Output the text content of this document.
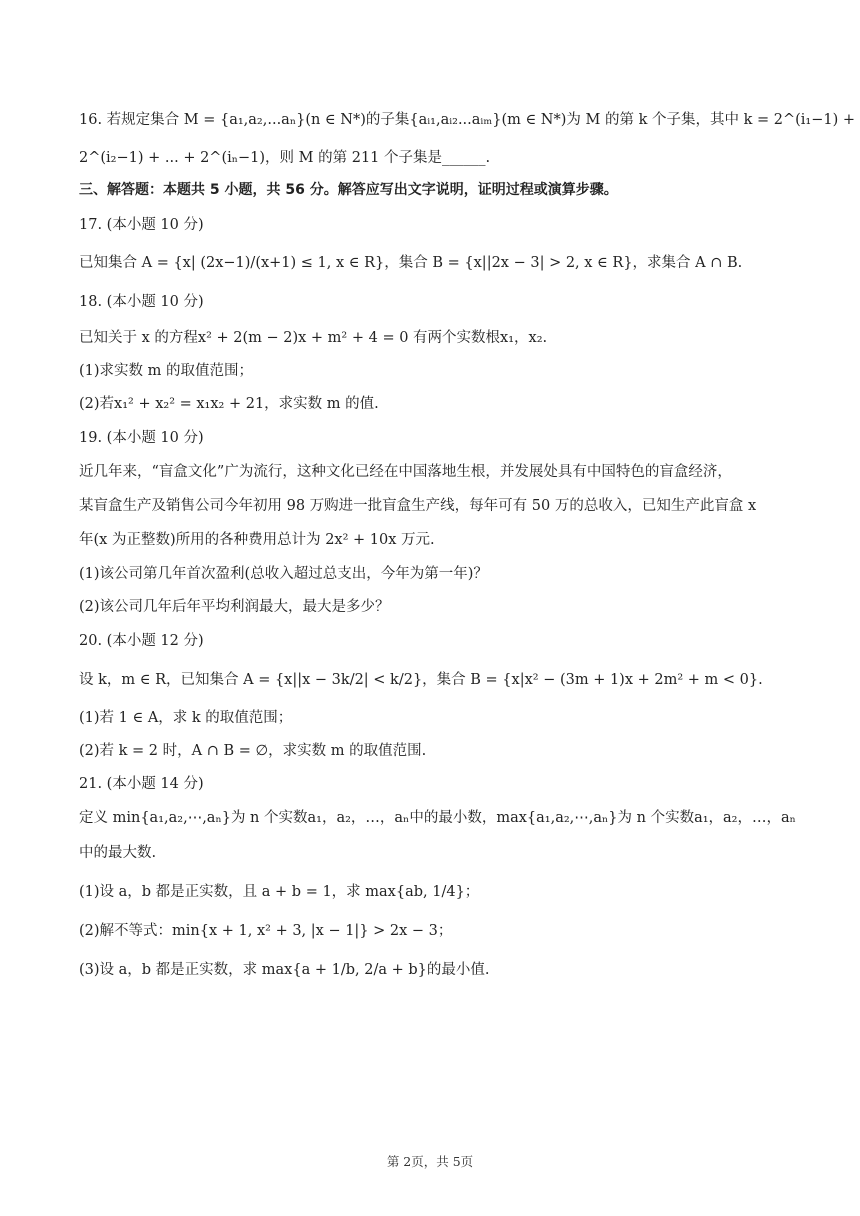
16. 若规定集合 M = {a₁,a₂,...aₙ}(n ∈ N*)的子集{aᵢ₁,aᵢ₂...aᵢₘ}(m ∈ N*)为 M 的第 k 个子集，其中 k = 2^(i₁−1) +
2^(i₂−1) + ... + 2^(iₙ−1)，则 M 的第 211 个子集是______.
三、解答题：本题共 5 小题，共 56 分。解答应写出文字说明，证明过程或演算步骤。
17. (本小题 10 分)
已知集合 A = {x| (2x−1)/(x+1) ≤ 1, x ∈ R}，集合 B = {x||2x − 3| > 2, x ∈ R}，求集合 A ∩ B.
18. (本小题 10 分)
已知关于 x 的方程x² + 2(m − 2)x + m² + 4 = 0 有两个实数根x₁，x₂.
(1)求实数 m 的取值范围；
(2)若x₁² + x₂² = x₁x₂ + 21，求实数 m 的值.
19. (本小题 10 分)
近几年来，“盲盒文化”广为流行，这种文化已经在中国落地生根，并发展处具有中国特色的盲盒经济，
某盲盒生产及销售公司今年初用 98 万购进一批盲盒生产线，每年可有 50 万的总收入，已知生产此盲盒 x
年(x 为正整数)所用的各种费用总计为 2x² + 10x 万元.
(1)该公司第几年首次盈利(总收入超过总支出，今年为第一年)？
(2)该公司几年后年平均利润最大，最大是多少？
20. (本小题 12 分)
设 k，m ∈ R，已知集合 A = {x||x − 3k/2| < k/2}，集合 B = {x|x² − (3m + 1)x + 2m² + m < 0}.
(1)若 1 ∈ A，求 k 的取值范围；
(2)若 k = 2 时，A ∩ B = ∅，求实数 m 的取值范围.
21. (本小题 14 分)
定义 min{a₁,a₂,⋯,aₙ}为 n 个实数a₁，a₂，…，aₙ中的最小数，max{a₁,a₂,⋯,aₙ}为 n 个实数a₁，a₂，…，aₙ
中的最大数.
(1)设 a，b 都是正实数，且 a + b = 1，求 max{ab, 1/4}；
(2)解不等式：min{x + 1, x² + 3, |x − 1|} > 2x − 3；
(3)设 a，b 都是正实数，求 max{a + 1/b, 2/a + b}的最小值.
第 2页，共 5页
